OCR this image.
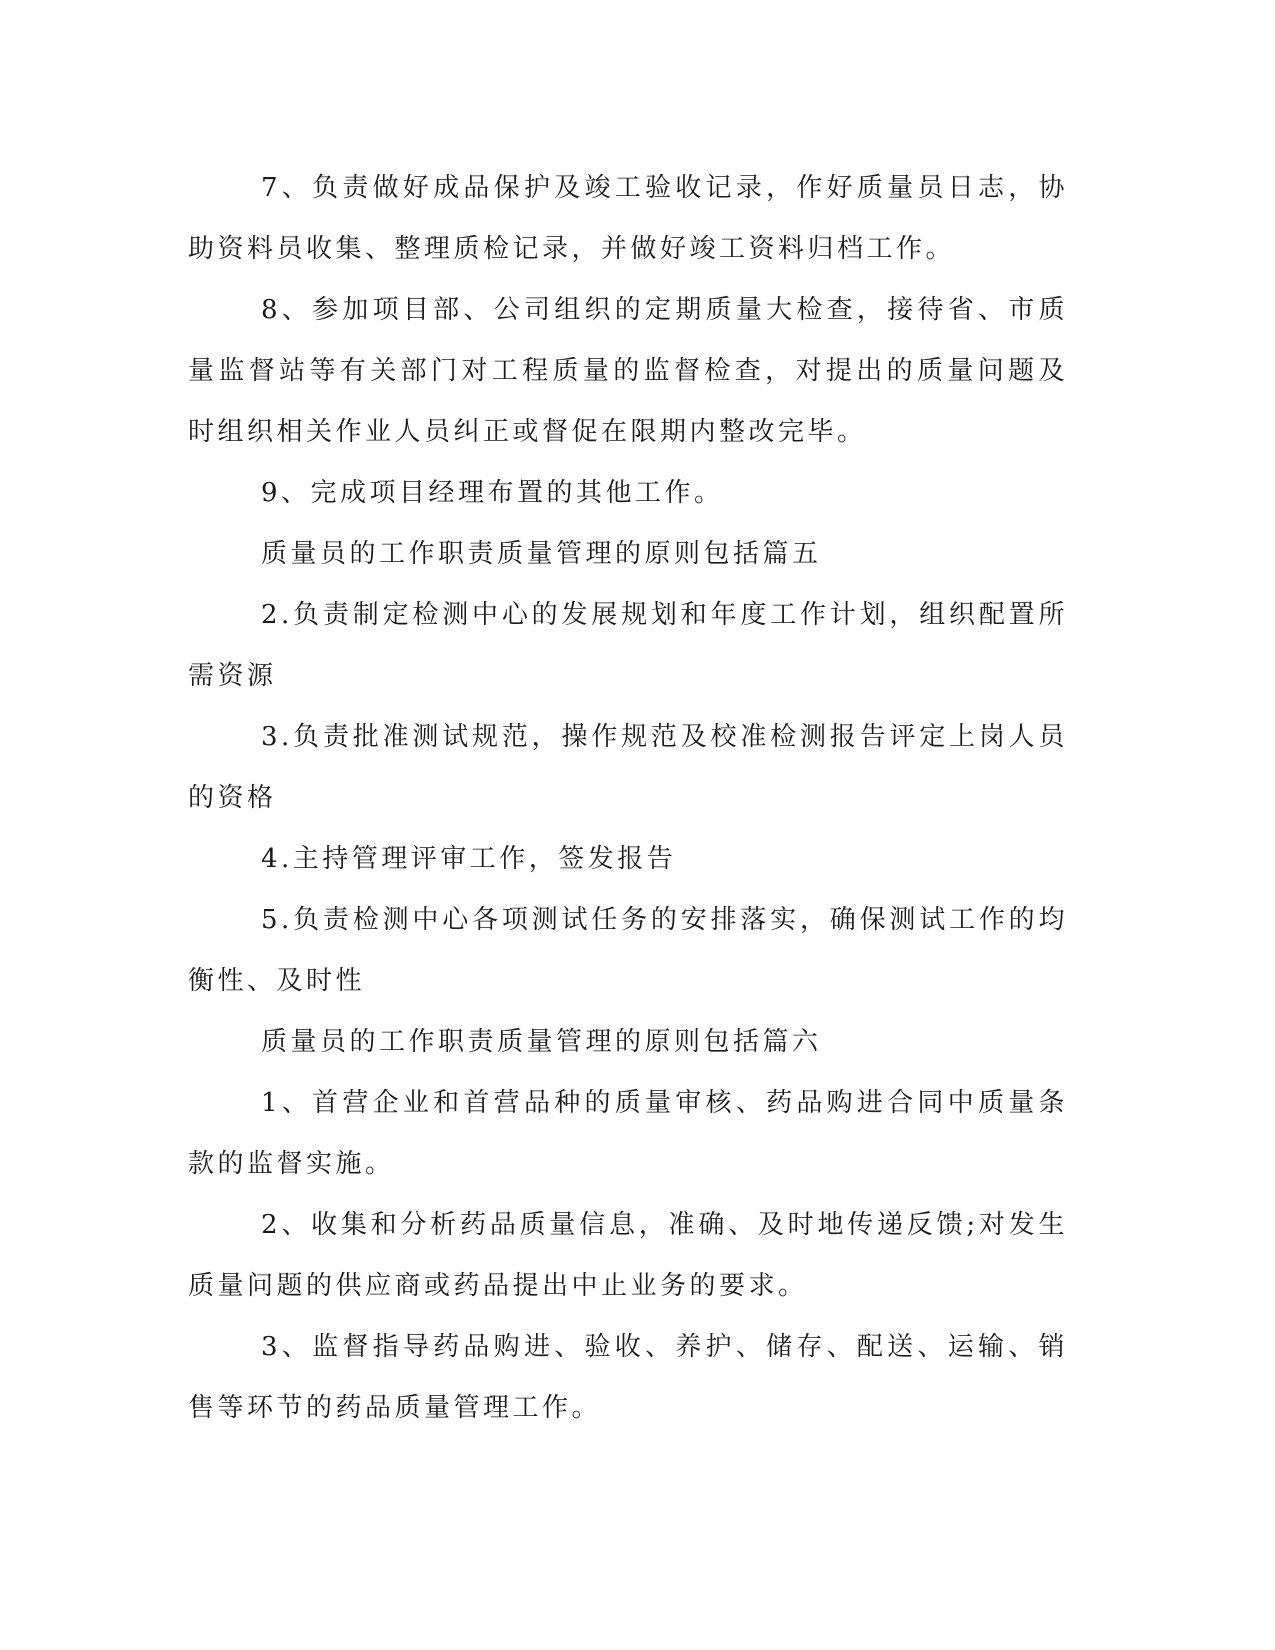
7、负责做好成品保护及竣工验收记录，作好质量员日志，协助资料员收集、整理质检记录，并做好竣工资料归档工作。

8、参加项目部、公司组织的定期质量大检查，接待省、市质量监督站等有关部门对工程质量的监督检查，对提出的质量问题及时组织相关作业人员纠正或督促在限期内整改完毕。

9、完成项目经理布置的其他工作。

质量员的工作职责质量管理的原则包括篇五

2.负责制定检测中心的发展规划和年度工作计划，组织配置所需资源

3.负责批准测试规范，操作规范及校准检测报告评定上岗人员的资格

4.主持管理评审工作，签发报告

5.负责检测中心各项测试任务的安排落实，确保测试工作的均衡性、及时性

质量员的工作职责质量管理的原则包括篇六

1、首营企业和首营品种的质量审核、药品购进合同中质量条款的监督实施。

2、收集和分析药品质量信息，准确、及时地传递反馈;对发生质量问题的供应商或药品提出中止业务的要求。

3、监督指导药品购进、验收、养护、储存、配送、运输、销售等环节的药品质量管理工作。
